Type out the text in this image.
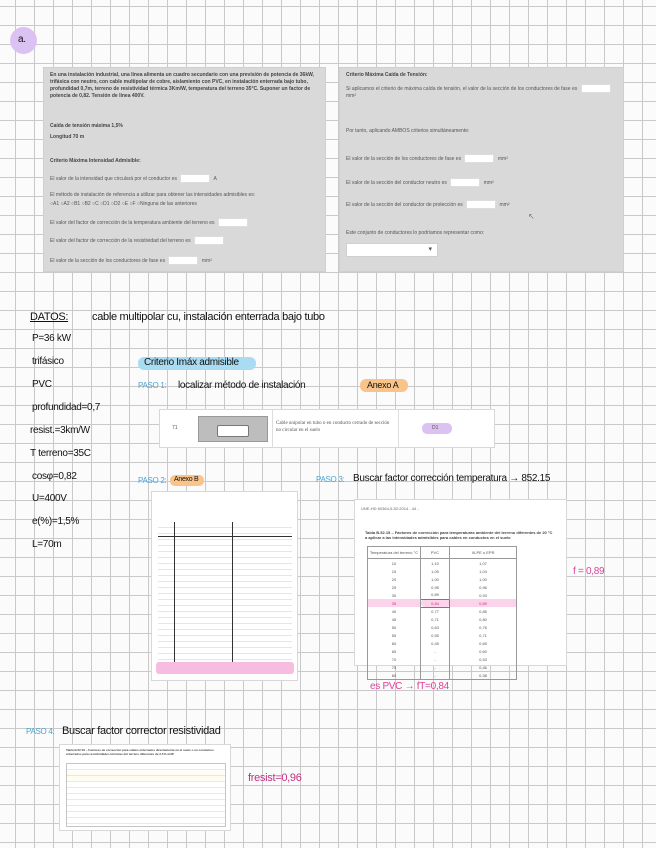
a.
En una instalación industrial, una línea alimenta un cuadro secundario con una previsión de potencia de 36kW, trifásica con neutro, con cable multipolar de cobre, aislamiento con PVC, en instalación enterrada bajo tubo, profundidad 0,7m, terreno de resistividad térmica 3Km/W, temperatura del terreno 35°C. Suponer un factor de potencia de 0,82. Tensión de línea 400V.
Caída de tensión máxima 1,5%
Longitud 70 m
Criterio Máxima Intensidad Admisible:
El valor de la intensidad que circulará por el conductor es	A
El método de instalación de referencia a utilizar para obtener las intensidades admisibles es:
○A1 ○A2 ○B1 ○B2 ○C ○D1 ○D2 ○E ○F ○Ninguna de las anteriores
El valor del factor de corrección de la temperatura ambiente del terreno es
El valor del factor de corrección de la resistividad del terreno es
El valor de la sección de los conductores de fase es	mm²
Criterio Máxima Caída de Tensión:
Si aplicamos el criterio de máxima caída de tensión, el valor de la sección de los conductores de fase es  mm²
Por tanto, aplicando AMBOS criterios simultáneamente:
El valor de la sección de los conductores de fase es	mm²
El valor de la sección del conductor neutro es	mm²
El valor de la sección del conductor de protección es	mm²
↖
Este conjunto de conductores lo podríamos representar como:
▾
DATOS: cable multipolar cu, instalación enterrada bajo tubo
P=36 kW
trifásico
PVC
profundidad=0,7
resist.=3km/W
T terreno=35C
cosφ=0,82
U=400V
e(%)=1,5%
L=70m
Criterio Imáx admisible
PASO 1: localizar método de instalación	Anexo A
71
Cable unipolar en tubo o en conducto cerrado de sección no circular en el suelo	D1
PASO 2: Anexo B	PASO 3: Buscar factor corrección temperatura → 852.15
UNE-HD 60364-5-52:2014 - 44 -
Tabla B.52.15 – Factores de corrección para temperaturas ambiente del terreno diferentes de 20 °C a aplicar a las intensidades admisibles para cables en conductos en el suelo
Temperatura del terreno °C	PVC	XLPE o EPR
10	1,10	1,07
15	1,05	1,04
20	1,00	1,00
25	0,95	0,96
30	0,89	0,93
35	0,84	0,89
40	0,77	0,85
45	0,71	0,80
50	0,63	0,76
55	0,55	0,71
60	0,45	0,65
65	-	0,60
70	-	0,53
75	-	0,46
80	-	0,38
f = 0,89
es PVC → fT=0,84
PASO 4: Buscar factor corrector resistividad
Tabla B.52.16 – Factores de corrección para cables enterrados directamente en el suelo o en conductos enterrados para resistividades térmicas del terreno diferentes de 2,5 K·m/W
fresist=0,96
